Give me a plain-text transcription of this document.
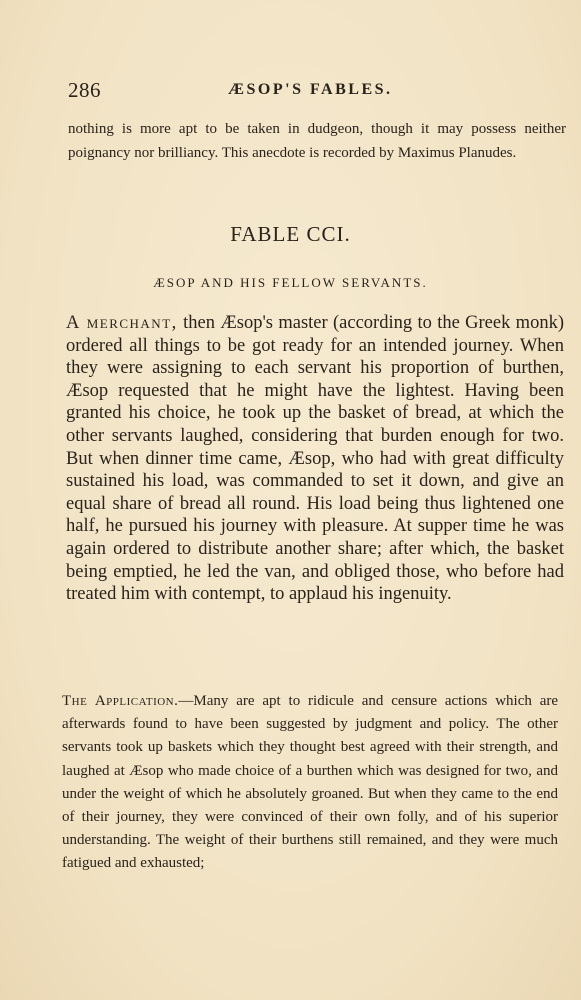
286	ÆSOP'S FABLES.
nothing is more apt to be taken in dudgeon, though it may possess neither poignancy nor brilliancy. This anecdote is recorded by Maximus Planudes.
FABLE CCI.
ÆSOP AND HIS FELLOW SERVANTS.

A merchant, then Æsop's master (according to the Greek monk) ordered all things to be got ready for an intended journey. When they were assigning to each servant his proportion of burthen, Æsop requested that he might have the lightest. Having been granted his choice, he took up the basket of bread, at which the other servants laughed, considering that burden enough for two. But when dinner time came, Æsop, who had with great difficulty sustained his load, was commanded to set it down, and give an equal share of bread all round. His load being thus lightened one half, he pursued his journey with pleasure. At supper time he was again ordered to distribute another share; after which, the basket being emptied, he led the van, and obliged those, who before had treated him with contempt, to applaud his ingenuity.

The Application.—Many are apt to ridicule and censure actions which are afterwards found to have been suggested by judgment and policy. The other servants took up baskets which they thought best agreed with their strength, and laughed at Æsop who made choice of a burthen which was designed for two, and under the weight of which he absolutely groaned. But when they came to the end of their journey, they were convinced of their own folly, and of his superior understanding. The weight of their burthens still remained, and they were much fatigued and exhausted;
